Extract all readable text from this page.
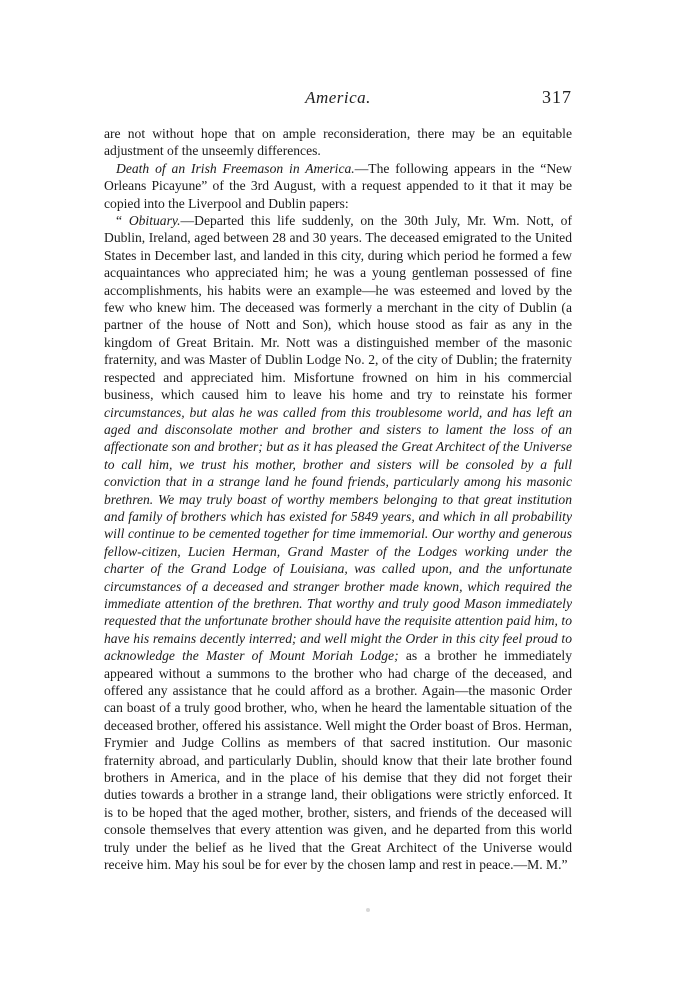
America.	317

are not without hope that on ample reconsideration, there may be an equitable adjustment of the unseemly differences.

Death of an Irish Freemason in America.—The following appears in the “New Orleans Picayune” of the 3rd August, with a request appended to it that it may be copied into the Liverpool and Dublin papers:

“ Obituary.—Departed this life suddenly, on the 30th July, Mr. Wm. Nott, of Dublin, Ireland, aged between 28 and 30 years. The deceased emigrated to the United States in December last, and landed in this city, during which period he formed a few acquaintances who appreciated him; he was a young gentleman possessed of fine accomplishments, his habits were an example—he was esteemed and loved by the few who knew him. The deceased was formerly a merchant in the city of Dublin (a partner of the house of Nott and Son), which house stood as fair as any in the kingdom of Great Britain. Mr. Nott was a distinguished member of the masonic fraternity, and was Master of Dublin Lodge No. 2, of the city of Dublin; the fraternity respected and appreciated him. Misfortune frowned on him in his commercial business, which caused him to leave his home and try to reinstate his former circumstances, but alas he was called from this troublesome world, and has left an aged and disconsolate mother and brother and sisters to lament the loss of an affectionate son and brother; but as it has pleased the Great Architect of the Universe to call him, we trust his mother, brother and sisters will be consoled by a full conviction that in a strange land he found friends, particularly among his masonic brethren. We may truly boast of worthy members belonging to that great institution and family of brothers which has existed for 5849 years, and which in all probability will continue to be cemented together for time immemorial. Our worthy and generous fellow-citizen, Lucien Herman, Grand Master of the Lodges working under the charter of the Grand Lodge of Louisiana, was called upon, and the unfortunate circumstances of a deceased and stranger brother made known, which required the immediate attention of the brethren. That worthy and truly good Mason immediately requested that the unfortunate brother should have the requisite attention paid him, to have his remains decently interred; and well might the Order in this city feel proud to acknowledge the Master of Mount Moriah Lodge; as a brother he immediately appeared without a summons to the brother who had charge of the deceased, and offered any assistance that he could afford as a brother. Again—the masonic Order can boast of a truly good brother, who, when he heard the lamentable situation of the deceased brother, offered his assistance. Well might the Order boast of Bros. Herman, Frymier and Judge Collins as members of that sacred institution. Our masonic fraternity abroad, and particularly Dublin, should know that their late brother found brothers in America, and in the place of his demise that they did not forget their duties towards a brother in a strange land, their obligations were strictly enforced. It is to be hoped that the aged mother, brother, sisters, and friends of the deceased will console themselves that every attention was given, and he departed from this world truly under the belief as he lived that the Great Architect of the Universe would receive him. May his soul be for ever by the chosen lamp and rest in peace.—M. M.”
